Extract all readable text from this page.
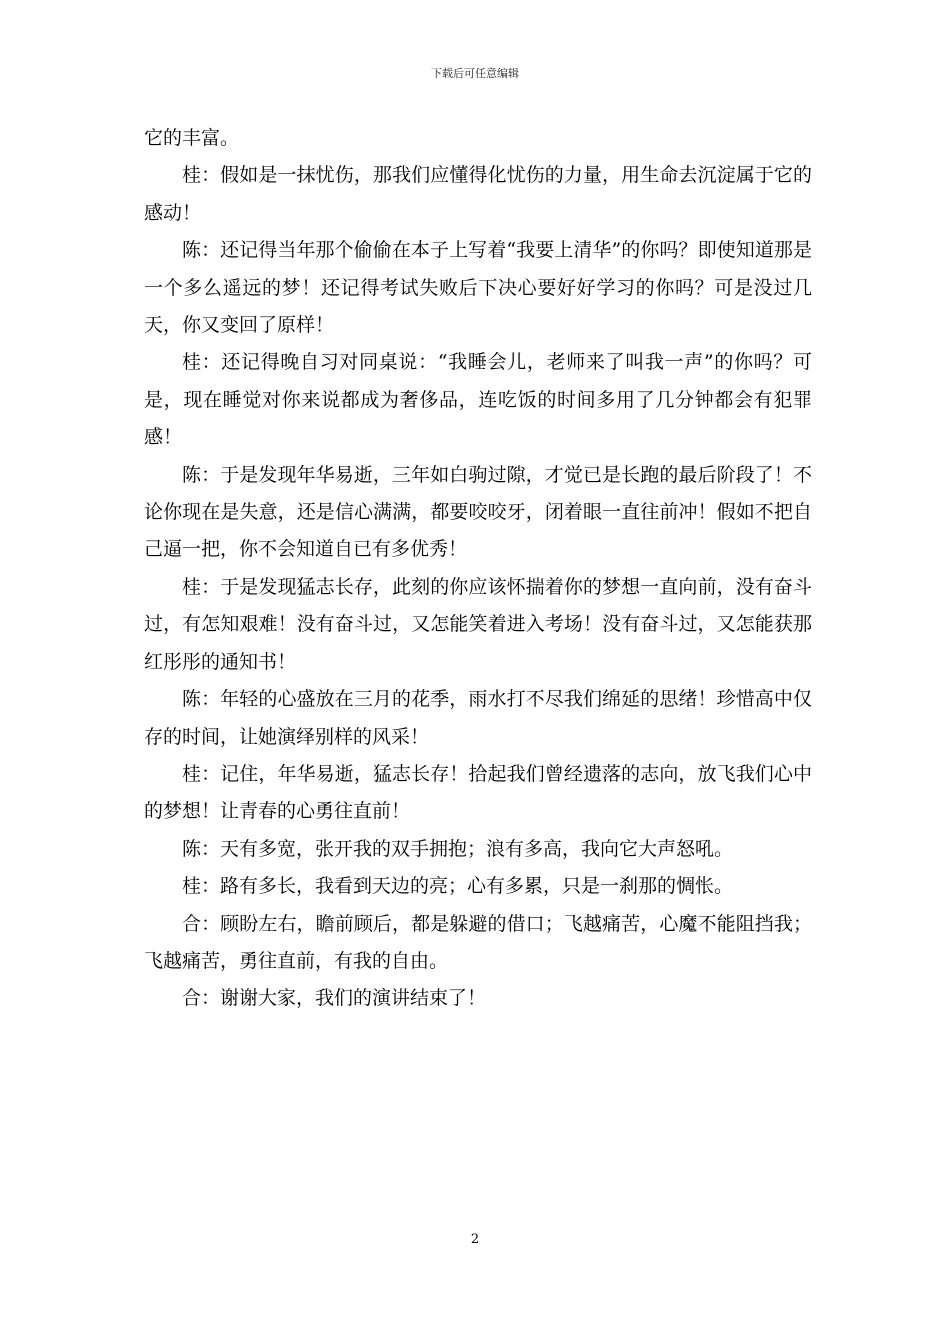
下载后可任意编辑

它的丰富。

桂：假如是一抹忧伤，那我们应懂得化忧伤的力量，用生命去沉淀属于它的感动！

陈：还记得当年那个偷偷在本子上写着“我要上清华”的你吗？即使知道那是一个多么遥远的梦！还记得考试失败后下决心要好好学习的你吗？可是没过几天，你又变回了原样！

桂：还记得晚自习对同桌说：“我睡会儿，老师来了叫我一声”的你吗？可是，现在睡觉对你来说都成为奢侈品，连吃饭的时间多用了几分钟都会有犯罪感！

陈：于是发现年华易逝，三年如白驹过隙，才觉已是长跑的最后阶段了！不论你现在是失意，还是信心满满，都要咬咬牙，闭着眼一直往前冲！假如不把自己逼一把，你不会知道自已有多优秀！

桂：于是发现猛志长存，此刻的你应该怀揣着你的梦想一直向前，没有奋斗过，有怎知艰难！没有奋斗过，又怎能笑着进入考场！没有奋斗过，又怎能获那红彤彤的通知书！

陈：年轻的心盛放在三月的花季，雨水打不尽我们绵延的思绪！珍惜高中仅存的时间，让她演绎别样的风采！

桂：记住，年华易逝，猛志长存！拾起我们曾经遗落的志向，放飞我们心中的梦想！让青春的心勇往直前！

陈：天有多宽，张开我的双手拥抱；浪有多高，我向它大声怒吼。

桂：路有多长，我看到天边的亮；心有多累，只是一刹那的惆怅。

合：顾盼左右，瞻前顾后，都是躲避的借口；飞越痛苦，心魔不能阻挡我；飞越痛苦，勇往直前，有我的自由。

合：谢谢大家，我们的演讲结束了！

2
